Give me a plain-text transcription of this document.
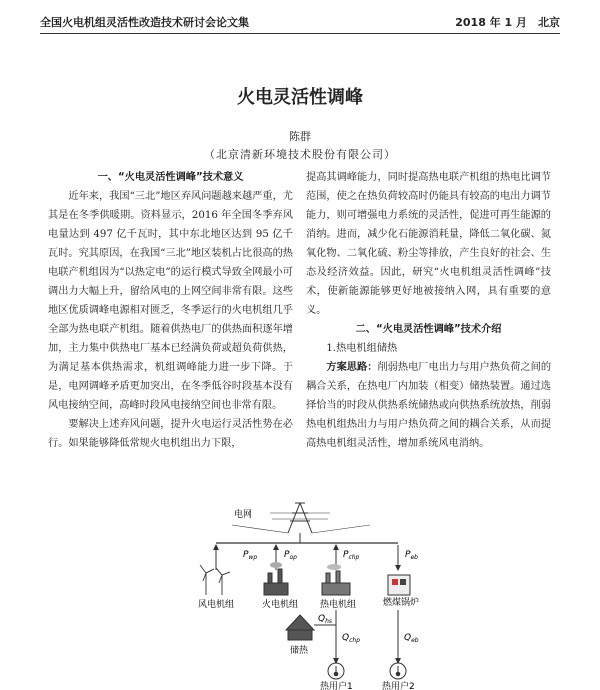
全国火电机组灵活性改造技术研讨会论文集	2018 年 1 月　北京
火电灵活性调峰
陈群
（北京清新环境技术股份有限公司）
一、“火电灵活性调峰”技术意义

近年来，我国“三北”地区弃风问题越来越严重，尤其是在冬季供暖期。资料显示，2016 年全国冬季弃风电量达到 497 亿千瓦时，其中东北地区达到 95 亿千瓦时。究其原因，在我国“三北”地区装机占比很高的热电联产机组因为“以热定电”的运行模式导致全网最小可调出力大幅上升，留给风电的上网空间非常有限。这些地区优质调峰电源相对匮乏，冬季运行的火电机组几乎全部为热电联产机组。随着供热电厂的供热面积逐年增加，主力集中供热电厂基本已经满负荷或超负荷供热，为满足基本供热需求，机组调峰能力进一步下降。于是，电网调峰矛盾更加突出，在冬季低谷时段基本没有风电接纳空间，高峰时段风电接纳空间也非常有限。

要解决上述弃风问题，提升火电运行灵活性势在必行。如果能够降低常规火电机组出力下限，

提高其调峰能力，同时提高热电联产机组的热电比调节范围，使之在热负荷较高时仍能具有较高的电出力调节能力，则可增强电力系统的灵活性，促进可再生能源的消纳。进而，减少化石能源消耗量，降低二氧化碳、氮氧化物、二氧化硫、粉尘等排放，产生良好的社会、生态及经济效益。因此，研究“火电机组灵活性调峰”技术，使新能源能够更好地被接纳入网，具有重要的意义。

二、“火电灵活性调峰”技术介绍
1.热电机组储热

方案思路：削弱热电厂电出力与用户热负荷之间的耦合关系，在热电厂内加装（相变）储热装置。通过选择恰当的时段从供热系统储热或向供热系统放热，削弱热电机组热出力与用户热负荷之间的耦合关系，从而提高热电机组灵活性，增加系统风电消纳。

电网
$P_{wp}$	$P_{op}$	$P_{chp}$	$P_{eb}$
风电机组	火电机组 热电机组	燃煤锅炉
储热
$Q_{hs}$
$Q_{chp}$	$Q_{eb}$
热用户1	热用户2
